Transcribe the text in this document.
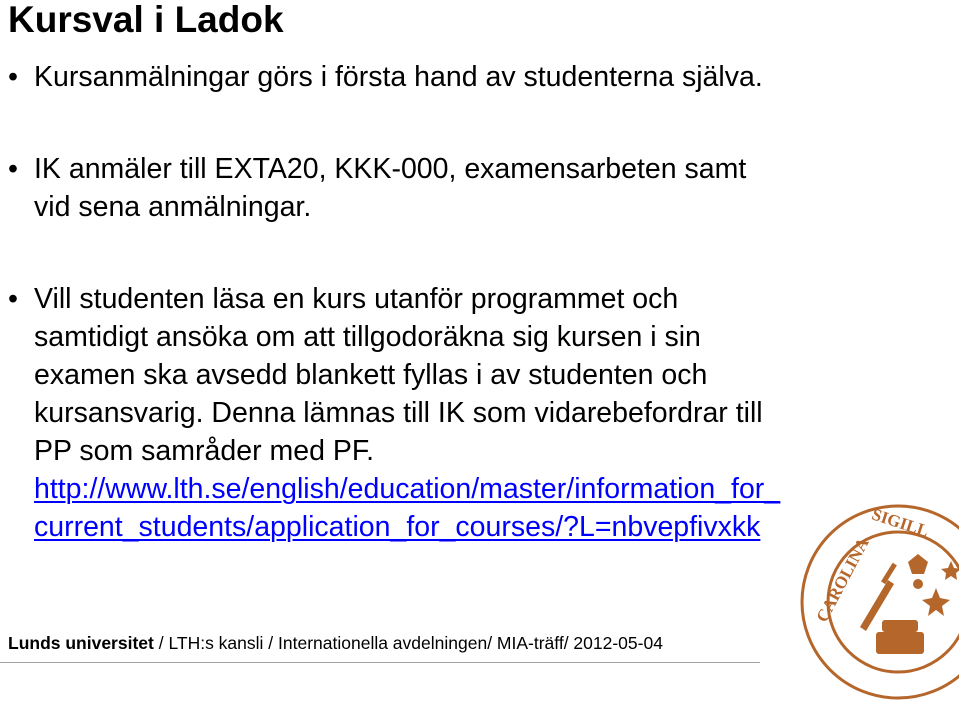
Kursval i Ladok
• Kursanmälningar görs i första hand av studenterna själva.
• IK anmäler till EXTA20, KKK-000, examensarbeten samt
vid sena anmälningar.
• Vill studenten läsa en kurs utanför programmet och
samtidigt ansöka om att tillgodoräkna sig kursen i sin
examen ska avsedd blankett fyllas i av studenten och
kursansvarig. Denna lämnas till IK som vidarebefordrar till
PP som samråder med PF.
http://www.lth.se/english/education/master/information_for_
current_students/application_for_courses/?L=nbvepfivxkk
CAROLINA
SIGILL
Lunds universitet / LTH:s kansli / Internationella avdelningen/ MIA-träff/ 2012-05-04
